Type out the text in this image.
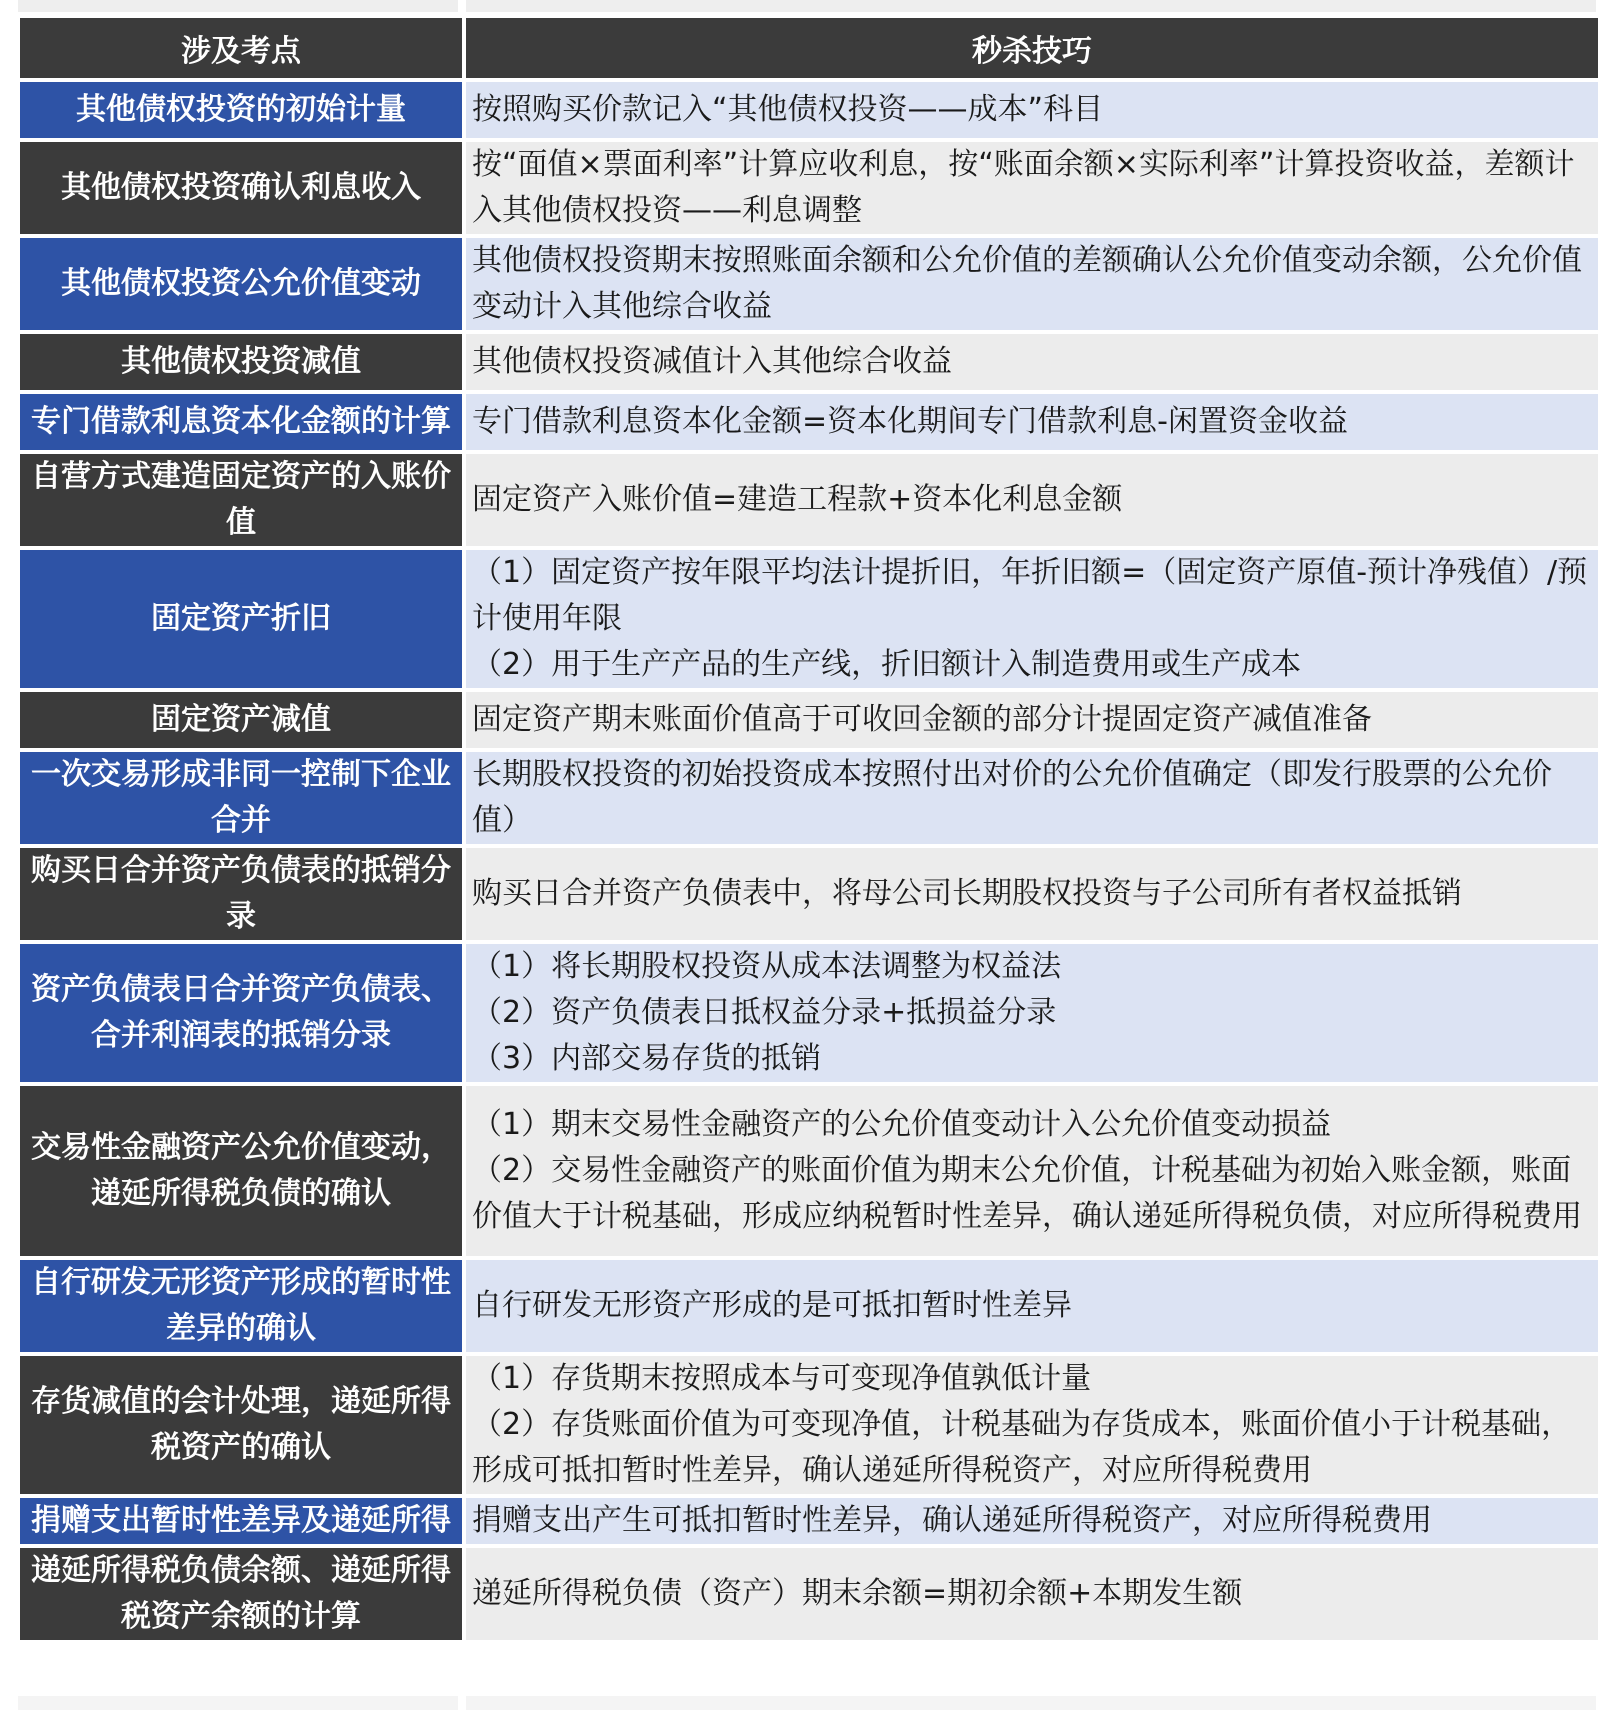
涉及考点	秒杀技巧

其他债权投资的初始计量	按照购买价款记入“其他债权投资——成本”科目

其他债权投资确认利息收入	按“面值×票面利率”计算应收利息，按“账面余额×实际利率”计算投资收益，差额计入其他债权投资——利息调整

其他债权投资公允价值变动	其他债权投资期末按照账面余额和公允价值的差额确认公允价值变动余额，公允价值变动计入其他综合收益

其他债权投资减值	其他债权投资减值计入其他综合收益

专门借款利息资本化金额的计算	专门借款利息资本化金额=资本化期间专门借款利息-闲置资金收益

自营方式建造固定资产的入账价值	固定资产入账价值=建造工程款+资本化利息金额

固定资产折旧	（1）固定资产按年限平均法计提折旧，年折旧额=（固定资产原值-预计净残值）/预计使用年限
（2）用于生产产品的生产线，折旧额计入制造费用或生产成本

固定资产减值	固定资产期末账面价值高于可收回金额的部分计提固定资产减值准备

一次交易形成非同一控制下企业合并	长期股权投资的初始投资成本按照付出对价的公允价值确定（即发行股票的公允价值）

购买日合并资产负债表的抵销分录	购买日合并资产负债表中，将母公司长期股权投资与子公司所有者权益抵销

资产负债表日合并资产负债表、合并利润表的抵销分录	（1）将长期股权投资从成本法调整为权益法
（2）资产负债表日抵权益分录+抵损益分录
（3）内部交易存货的抵销

交易性金融资产公允价值变动，递延所得税负债的确认	（1）期末交易性金融资产的公允价值变动计入公允价值变动损益
（2）交易性金融资产的账面价值为期末公允价值，计税基础为初始入账金额，账面价值大于计税基础，形成应纳税暂时性差异，确认递延所得税负债，对应所得税费用

自行研发无形资产形成的暂时性差异的确认	自行研发无形资产形成的是可抵扣暂时性差异

存货减值的会计处理，递延所得税资产的确认	（1）存货期末按照成本与可变现净值孰低计量
（2）存货账面价值为可变现净值，计税基础为存货成本，账面价值小于计税基础，形成可抵扣暂时性差异，确认递延所得税资产，对应所得税费用

捐赠支出暂时性差异及递延所得	捐赠支出产生可抵扣暂时性差异，确认递延所得税资产，对应所得税费用

递延所得税负债余额、递延所得税资产余额的计算	递延所得税负债（资产）期末余额=期初余额+本期发生额
